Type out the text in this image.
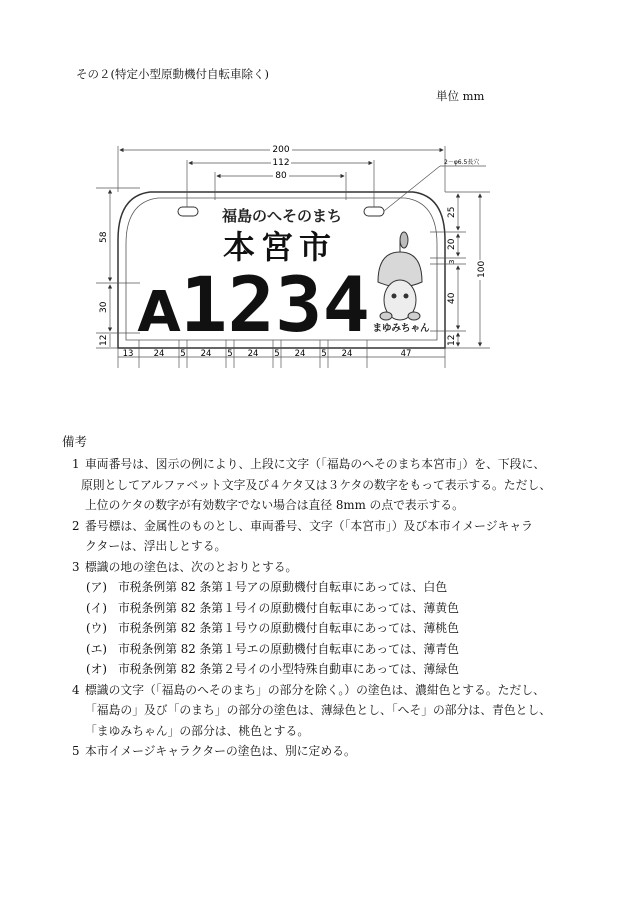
その２(特定小型原動機付自転車除く)
単位 mm
200
112
80
2－φ6.5長穴
58
30
12
25
20
3
40
12
100
13 24 5 24 5 24 5 24 5 24	47
福島のへそのまち
本宮市
A 1234 まゆみちゃん
備考
1 車両番号は、図示の例により、上段に文字（「福島のへそのまち本宮市」）を、下段に、
原則としてアルファベット文字及び４ケタ又は３ケタの数字をもって表示する。ただし、
上位のケタの数字が有効数字でない場合は直径 8mm の点で表示する。
2 番号標は、金属性のものとし、車両番号、文字（「本宮市」）及び本市イメージキャラ
クターは、浮出しとする。
3 標識の地の塗色は、次のとおりとする。
(ア) 市税条例第 82 条第１号アの原動機付自転車にあっては、白色
(イ) 市税条例第 82 条第１号イの原動機付自転車にあっては、薄黄色
(ウ) 市税条例第 82 条第１号ウの原動機付自転車にあっては、薄桃色
(エ) 市税条例第 82 条第１号エの原動機付自転車にあっては、薄青色
(オ) 市税条例第 82 条第２号イの小型特殊自動車にあっては、薄緑色
4 標識の文字（「福島のへそのまち」の部分を除く。）の塗色は、濃紺色とする。ただし、
「福島の」及び「のまち」の部分の塗色は、薄緑色とし、「へそ」の部分は、青色とし、
「まゆみちゃん」の部分は、桃色とする。
5 本市イメージキャラクターの塗色は、別に定める。
